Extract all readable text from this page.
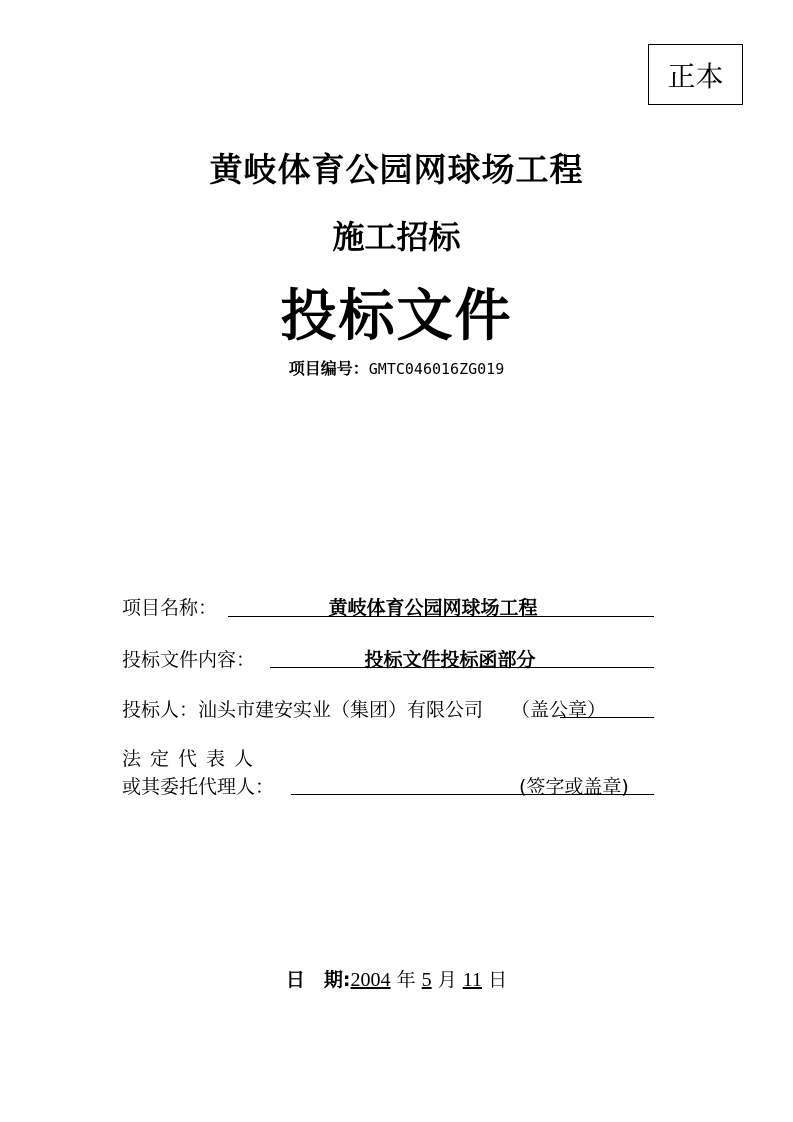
正本
黄岐体育公园网球场工程
施工招标
投标文件
项目编号：GMTC046016ZG019
项目名称：	黄岐体育公园网球场工程
投标文件内容：	投标文件投标函部分
投标人：汕头市建安实业（集团）有限公司 （盖公章）
法定代表人
或其委托代理人：	(签字或盖章)
日　期:2004 年 5 月 11 日
